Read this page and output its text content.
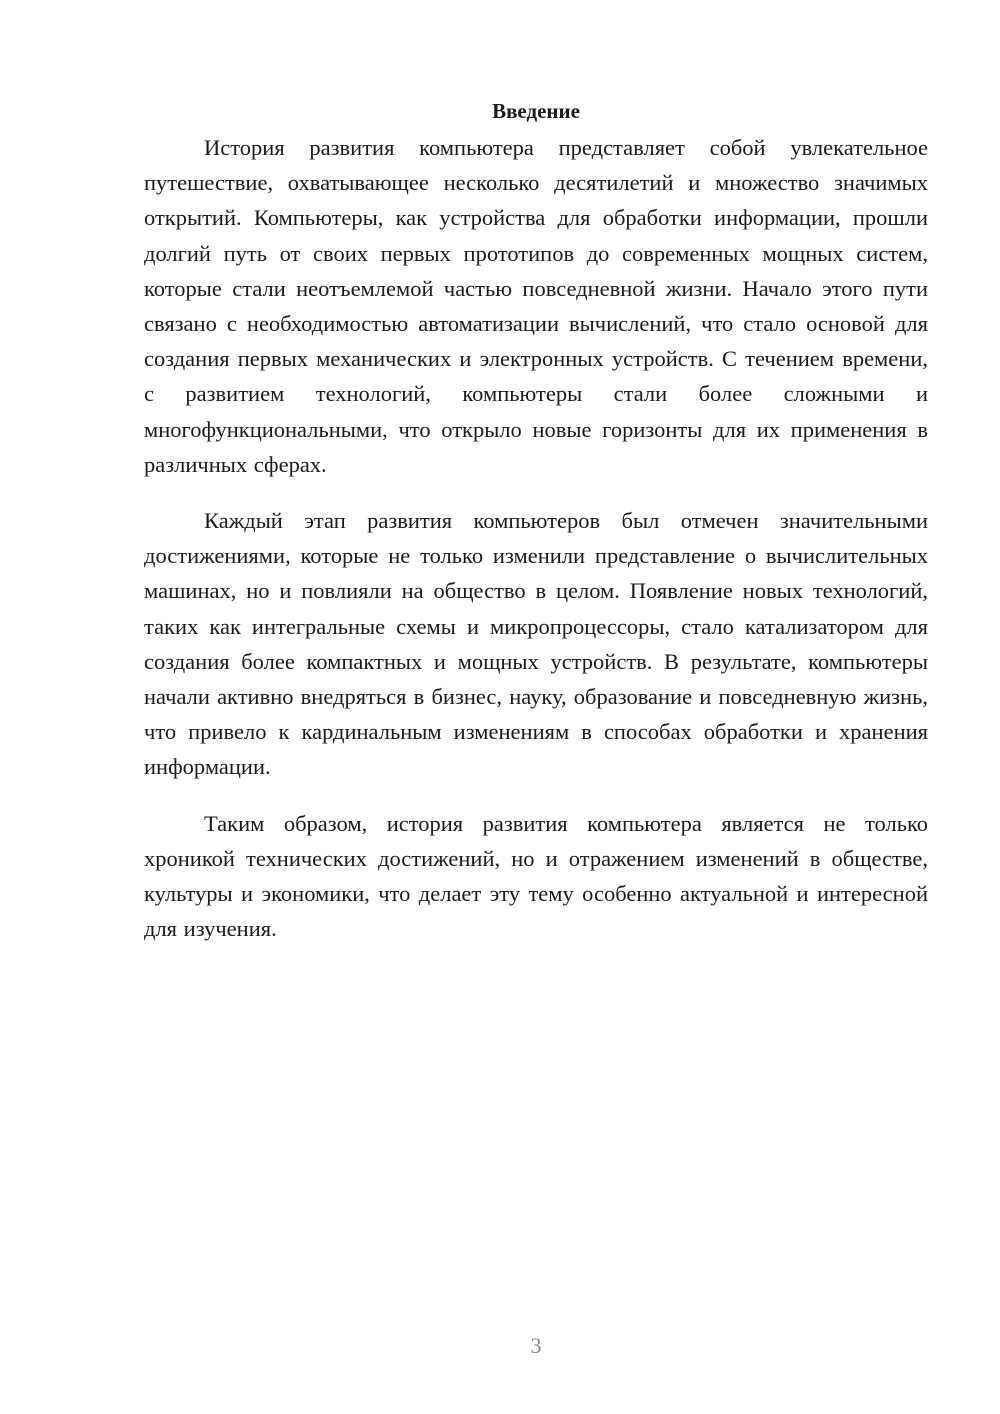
Введение

История развития компьютера представляет собой увлекательное путешествие, охватывающее несколько десятилетий и множество значимых открытий. Компьютеры, как устройства для обработки информации, прошли долгий путь от своих первых прототипов до современных мощных систем, которые стали неотъемлемой частью повседневной жизни. Начало этого пути связано с необходимостью автоматизации вычислений, что стало основой для создания первых механических и электронных устройств. С течением времени, с развитием технологий, компьютеры стали более сложными и многофункциональными, что открыло новые горизонты для их применения в различных сферах.

Каждый этап развития компьютеров был отмечен значительными достижениями, которые не только изменили представление о вычислительных машинах, но и повлияли на общество в целом. Появление новых технологий, таких как интегральные схемы и микропроцессоры, стало катализатором для создания более компактных и мощных устройств. В результате, компьютеры начали активно внедряться в бизнес, науку, образование и повседневную жизнь, что привело к кардинальным изменениям в способах обработки и хранения информации.

Таким образом, история развития компьютера является не только хроникой технических достижений, но и отражением изменений в обществе, культуры и экономики, что делает эту тему особенно актуальной и интересной для изучения.

3
